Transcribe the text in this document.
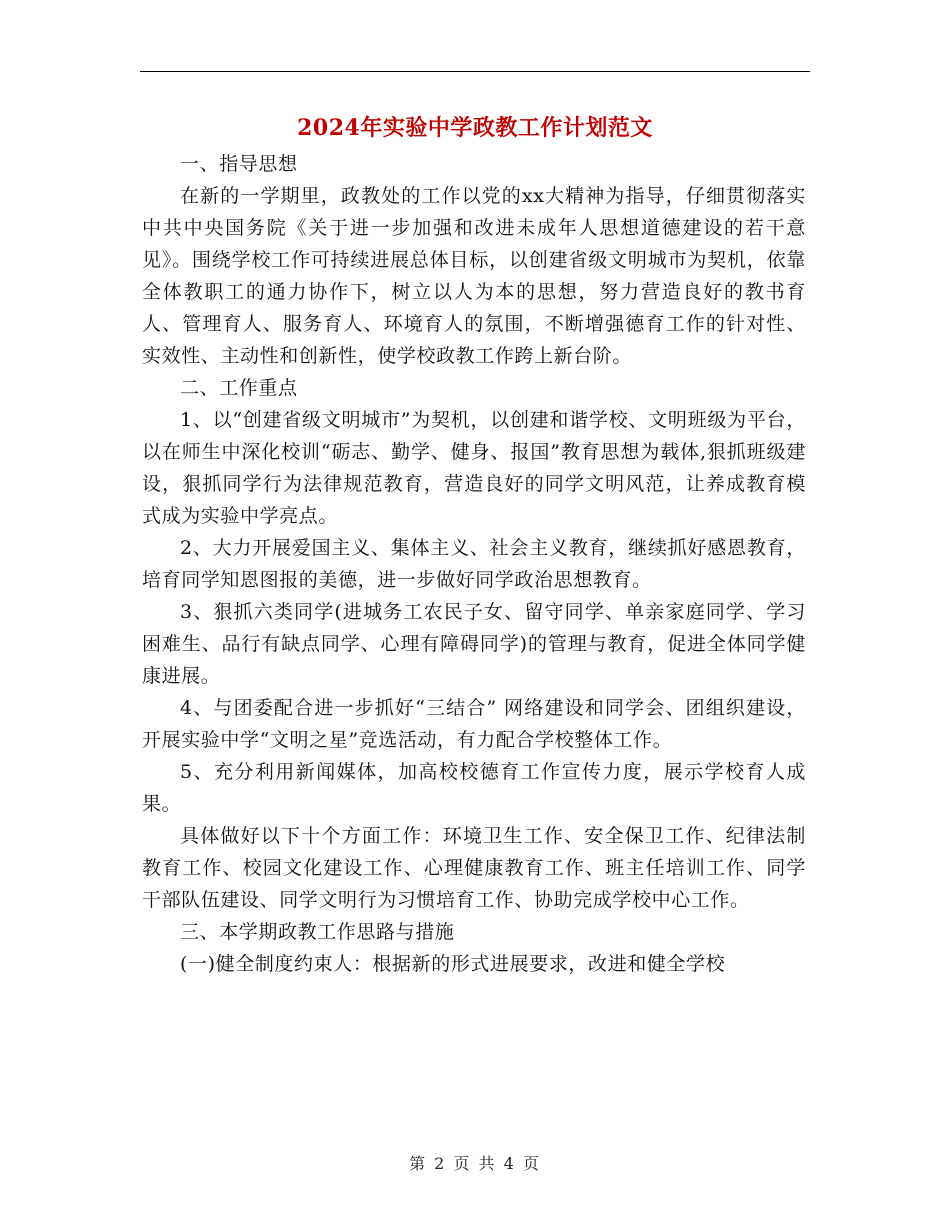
2024年实验中学政教工作计划范文

一、指导思想

在新的一学期里，政教处的工作以党的xx大精神为指导，仔细贯彻落实中共中央国务院《关于进一步加强和改进未成年人思想道德建设的若干意见》。围绕学校工作可持续进展总体目标，以创建省级文明城市为契机，依靠全体教职工的通力协作下，树立以人为本的思想，努力营造良好的教书育人、管理育人、服务育人、环境育人的氛围，不断增强德育工作的针对性、实效性、主动性和创新性，使学校政教工作跨上新台阶。

二、工作重点

1、以“创建省级文明城市”为契机，以创建和谐学校、文明班级为平台，以在师生中深化校训“砺志、勤学、健身、报国”教育思想为载体,狠抓班级建设，狠抓同学行为法律规范教育，营造良好的同学文明风范，让养成教育模式成为实验中学亮点。

2、大力开展爱国主义、集体主义、社会主义教育，继续抓好感恩教育，培育同学知恩图报的美德，进一步做好同学政治思想教育。

3、狠抓六类同学(进城务工农民子女、留守同学、单亲家庭同学、学习困难生、品行有缺点同学、心理有障碍同学)的管理与教育，促进全体同学健康进展。

4、与团委配合进一步抓好“三结合” 网络建设和同学会、团组织建设，开展实验中学“文明之星”竞选活动，有力配合学校整体工作。

5、充分利用新闻媒体，加高校校德育工作宣传力度，展示学校育人成果。

具体做好以下十个方面工作：环境卫生工作、安全保卫工作、纪律法制教育工作、校园文化建设工作、心理健康教育工作、班主任培训工作、同学干部队伍建设、同学文明行为习惯培育工作、协助完成学校中心工作。

三、本学期政教工作思路与措施

(一)健全制度约束人：根据新的形式进展要求，改进和健全学校

第 2 页 共 4 页
